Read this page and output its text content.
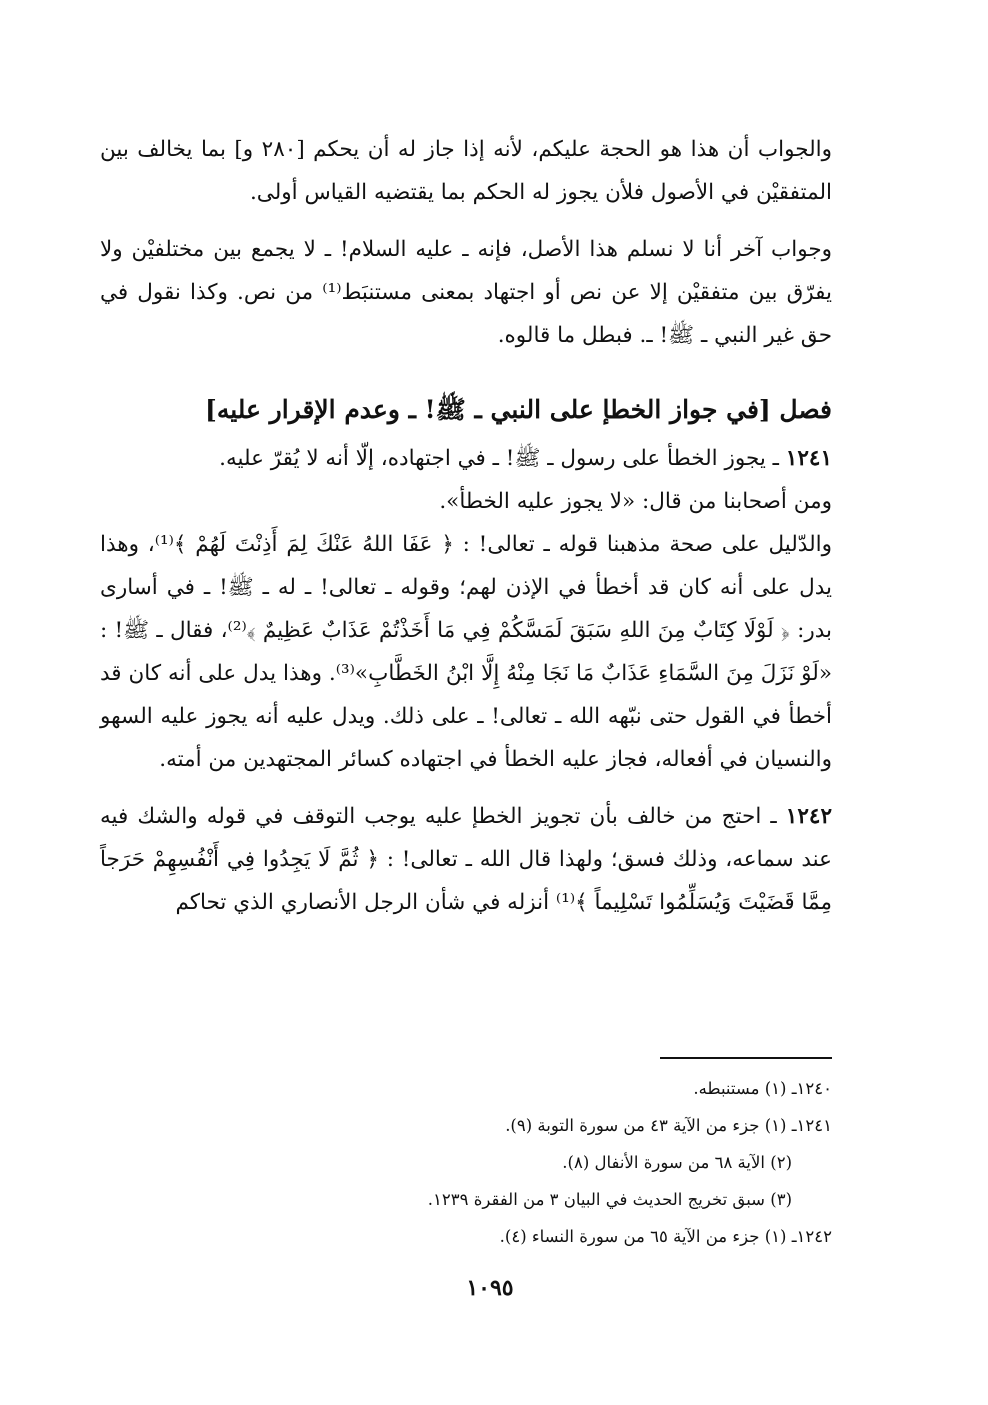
والجواب أن هذا هو الحجة عليكم، لأنه إذا جاز له أن يحكم [٢٨٠ و] بما يخالف بين المتفقيْن في الأصول فلأن يجوز له الحكم بما يقتضيه القياس أولى.

وجواب آخر أنا لا نسلم هذا الأصل، فإنه ـ عليه السلام! ـ لا يجمع بين مختلفيْن ولا يفرّق بين متفقيْن إلا عن نص أو اجتهاد بمعنى مستنبَط⁽¹⁾ من نص. وكذا نقول في حق غير النبي ـ ﷺ! ـ. فبطل ما قالوه.

فصل [في جواز الخطإ على النبي ـ ﷺ! ـ وعدم الإقرار عليه]

١٢٤١ ـ يجوز الخطأ على رسول ـ ﷺ! ـ في اجتهاده، إلّا أنه لا يُقرّ عليه.

ومن أصحابنا من قال: «لا يجوز عليه الخطأ».

والدّليل على صحة مذهبنا قوله ـ تعالى! : ﴿ عَفَا اللهُ عَنْكَ لِمَ أَذِنْتَ لَهُمْ ﴾⁽¹⁾، وهذا يدل على أنه كان قد أخطأ في الإذن لهم؛ وقوله ـ تعالى! ـ له ـ ﷺ! ـ في أسارى بدر: ﴿ لَوْلَا كِتَابٌ مِنَ اللهِ سَبَقَ لَمَسَّكُمْ فِي مَا أَخَذْتُمْ عَذَابٌ عَظِيمٌ ﴾⁽²⁾، فقال ـ ﷺ! : «لَوْ نَزَلَ مِنَ السَّمَاءِ عَذَابٌ مَا نَجَا مِنْهُ إِلَّا ابْنُ الخَطَّابِ»⁽³⁾. وهذا يدل على أنه كان قد أخطأ في القول حتى نبّهه الله ـ تعالى! ـ على ذلك. ويدل عليه أنه يجوز عليه السهو والنسيان في أفعاله، فجاز عليه الخطأ في اجتهاده كسائر المجتهدين من أمته.

١٢٤٢ ـ احتج من خالف بأن تجويز الخطإ عليه يوجب التوقف في قوله والشك فيه عند سماعه، وذلك فسق؛ ولهذا قال الله ـ تعالى! : ﴿ ثُمَّ لَا يَجِدُوا فِي أَنْفُسِهِمْ حَرَجاً مِمَّا قَضَيْتَ وَيُسَلِّمُوا تَسْلِيماً ﴾⁽¹⁾ أنزله في شأن الرجل الأنصاري الذي تحاكم

١٢٤٠ـ (١) مستنبطه.
١٢٤١ـ (١) جزء من الآية ٤٣ من سورة التوبة (٩).
(٢) الآية ٦٨ من سورة الأنفال (٨).
(٣) سبق تخريج الحديث في البيان ٣ من الفقرة ١٢٣٩.
١٢٤٢ـ (١) جزء من الآية ٦٥ من سورة النساء (٤).
١٠٩٥
